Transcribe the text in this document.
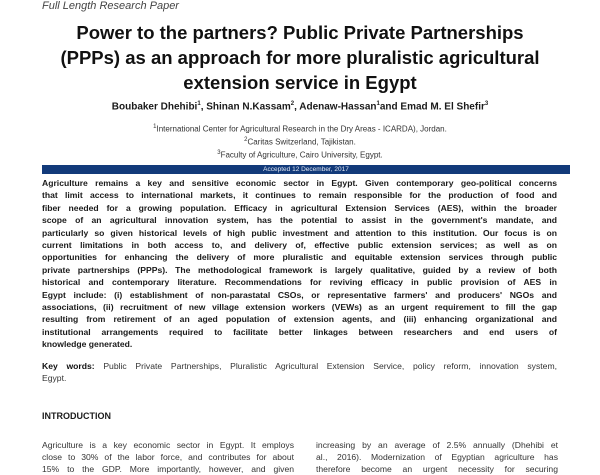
Full Length Research Paper
Power to the partners? Public Private Partnerships
(PPPs) as an approach for more pluralistic agricultural
extension service in Egypt
Boubaker Dhehibi$^1$, Shinan N.Kassam$^2$, Adenaw-Hassan$^1$and Emad M. El Shefir$^3$
$^1$International Center for Agricultural Research in the Dry Areas - ICARDA), Jordan.
$^2$Caritas Switzerland, Tajikistan.
$^3$Faculty of Agriculture, Cairo University, Egypt.
Accepted 12 December, 2017
Agriculture remains a key and sensitive economic sector in Egypt. Given contemporary geo-political concerns
that limit access to international markets, it continues to remain responsible for the production of food and
fiber needed for a growing population. Efficacy in agricultural Extension Services (AES), within the broader
scope of an agricultural innovation system, has the potential to assist in the government's mandate, and
particularly so given historical levels of high public investment and attention to this institution. Our focus is on
current limitations in both access to, and delivery of, effective public extension services; as well as on
opportunities for enhancing the delivery of more pluralistic and equitable extension services through public
private partnerships (PPPs). The methodological framework is largely qualitative, guided by a review of both
historical and contemporary literature. Recommendations for reviving efficacy in public provision of AES in
Egypt include: (i) establishment of non-parastatal CSOs, or representative farmers' and producers' NGOs and
associations, (ii) recruitment of new village extension workers (VEWs) as an urgent requirement to fill the gap
resulting from retirement of an aged population of extension agents, and (iii) enhancing organizational and
institutional arrangements required to facilitate better linkages between researchers and end users of
knowledge generated.
Key words: Public Private Partnerships, Pluralistic Agricultural Extension Service, policy reform, innovation system,
Egypt.
INTRODUCTION
Agriculture is a key economic sector in Egypt. It employs
close to 30% of the labor force, and contributes for about
15% to the GDP. More importantly, however, and given
increasing by an average of 2.5% annually (Dhehibi et
al., 2016). Modernization of Egyptian agriculture has
therefore become an urgent necessity for securing
